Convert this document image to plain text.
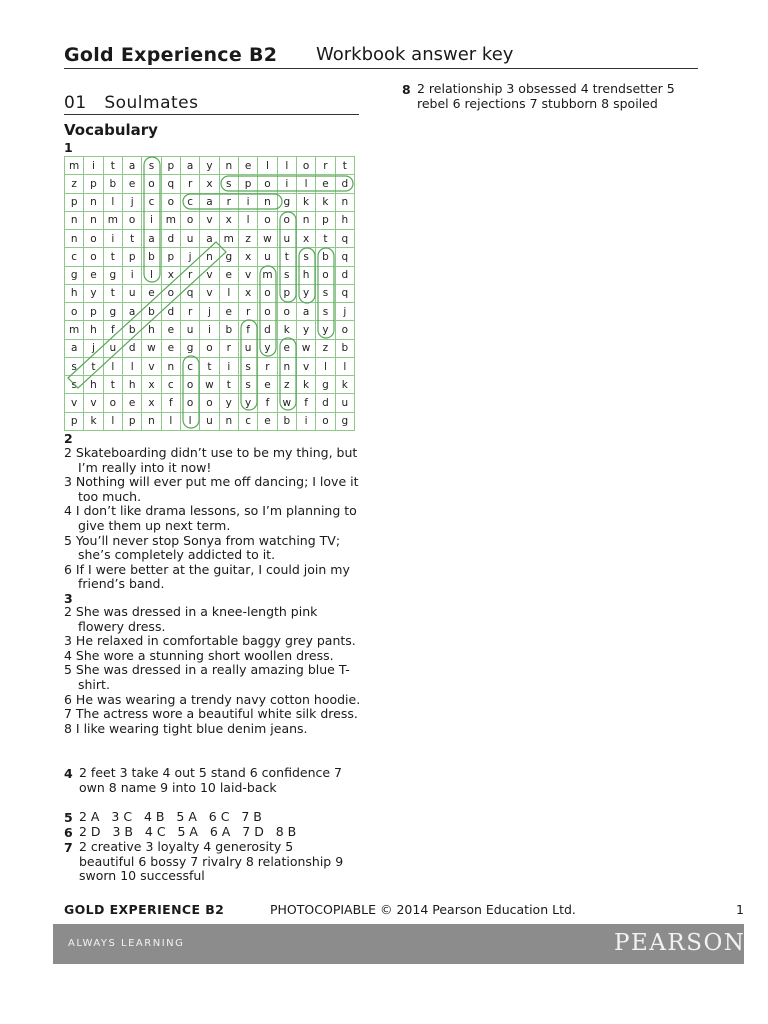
Gold Experience B2 Workbook answer key
01   Soulmates
Vocabulary
1
m	i	t	a	s	p	a	y	n	e	l	l	o	r	t
z	p	b	e	o	q	r	x	s	p	o	i	l	e	d
p	n	l	j	c	o	c	a	r	i	n	g	k	k	n
n	n	m	o	i	m	o	v	x	l	o	o	n	p	h
n	o	i	t	a	d	u	a	m	z	w	u	x	t	q
c	o	t	p	b	p	j	n	g	x	u	t	s	b	q
g	e	g	i	l	x	r	v	e	v	m	s	h	o	d
h	y	t	u	e	o	q	v	l	x	o	p	y	s	q
o	p	g	a	b	d	r	j	e	r	o	o	a	s	j
m	h	f	b	h	e	u	i	b	f	d	k	y	y	o
a	j	u	d	w	e	g	o	r	u	y	e	w	z	b
s	t	l	l	v	n	c	t	i	s	r	n	v	l	l
s	h	t	h	x	c	o	w	t	s	e	z	k	g	k
v	v	o	e	x	f	o	o	y	y	f	w	f	d	u
p	k	l	p	n	l	l	u	n	c	e	b	i	o	g
2
2 Skateboarding didn’t use to be my thing, but I’m really into it now!
3 Nothing will ever put me off dancing; I love it too much.
4 I don’t like drama lessons, so I’m planning to give them up next term.
5 You’ll never stop Sonya from watching TV; she’s completely addicted to it.
6 If I were better at the guitar, I could join my friend’s band.
3
2 She was dressed in a knee-length pink flowery dress.
3 He relaxed in comfortable baggy grey pants.
4 She wore a stunning short woollen dress.
5 She was dressed in a really amazing blue T-shirt.
6 He was wearing a trendy navy cotton hoodie.
7 The actress wore a beautiful white silk dress.
8 I like wearing tight blue denim jeans.
4 2 feet 3 take 4 out 5 stand 6 confidence 7 own 8 name 9 into 10 laid-back
5 2 A   3 C   4 B   5 A   6 C   7 B
6 2 D   3 B   4 C   5 A   6 A   7 D   8 B
7 2 creative 3 loyalty 4 generosity 5 beautiful 6 bossy 7 rivalry 8 relationship 9 sworn 10 successful
8 2 relationship 3 obsessed 4 trendsetter 5 rebel 6 rejections 7 stubborn 8 spoiled
GOLD EXPERIENCE B2	PHOTOCOPIABLE © 2014 Pearson Education Ltd.	1
ALWAYS LEARNING	PEARSON
